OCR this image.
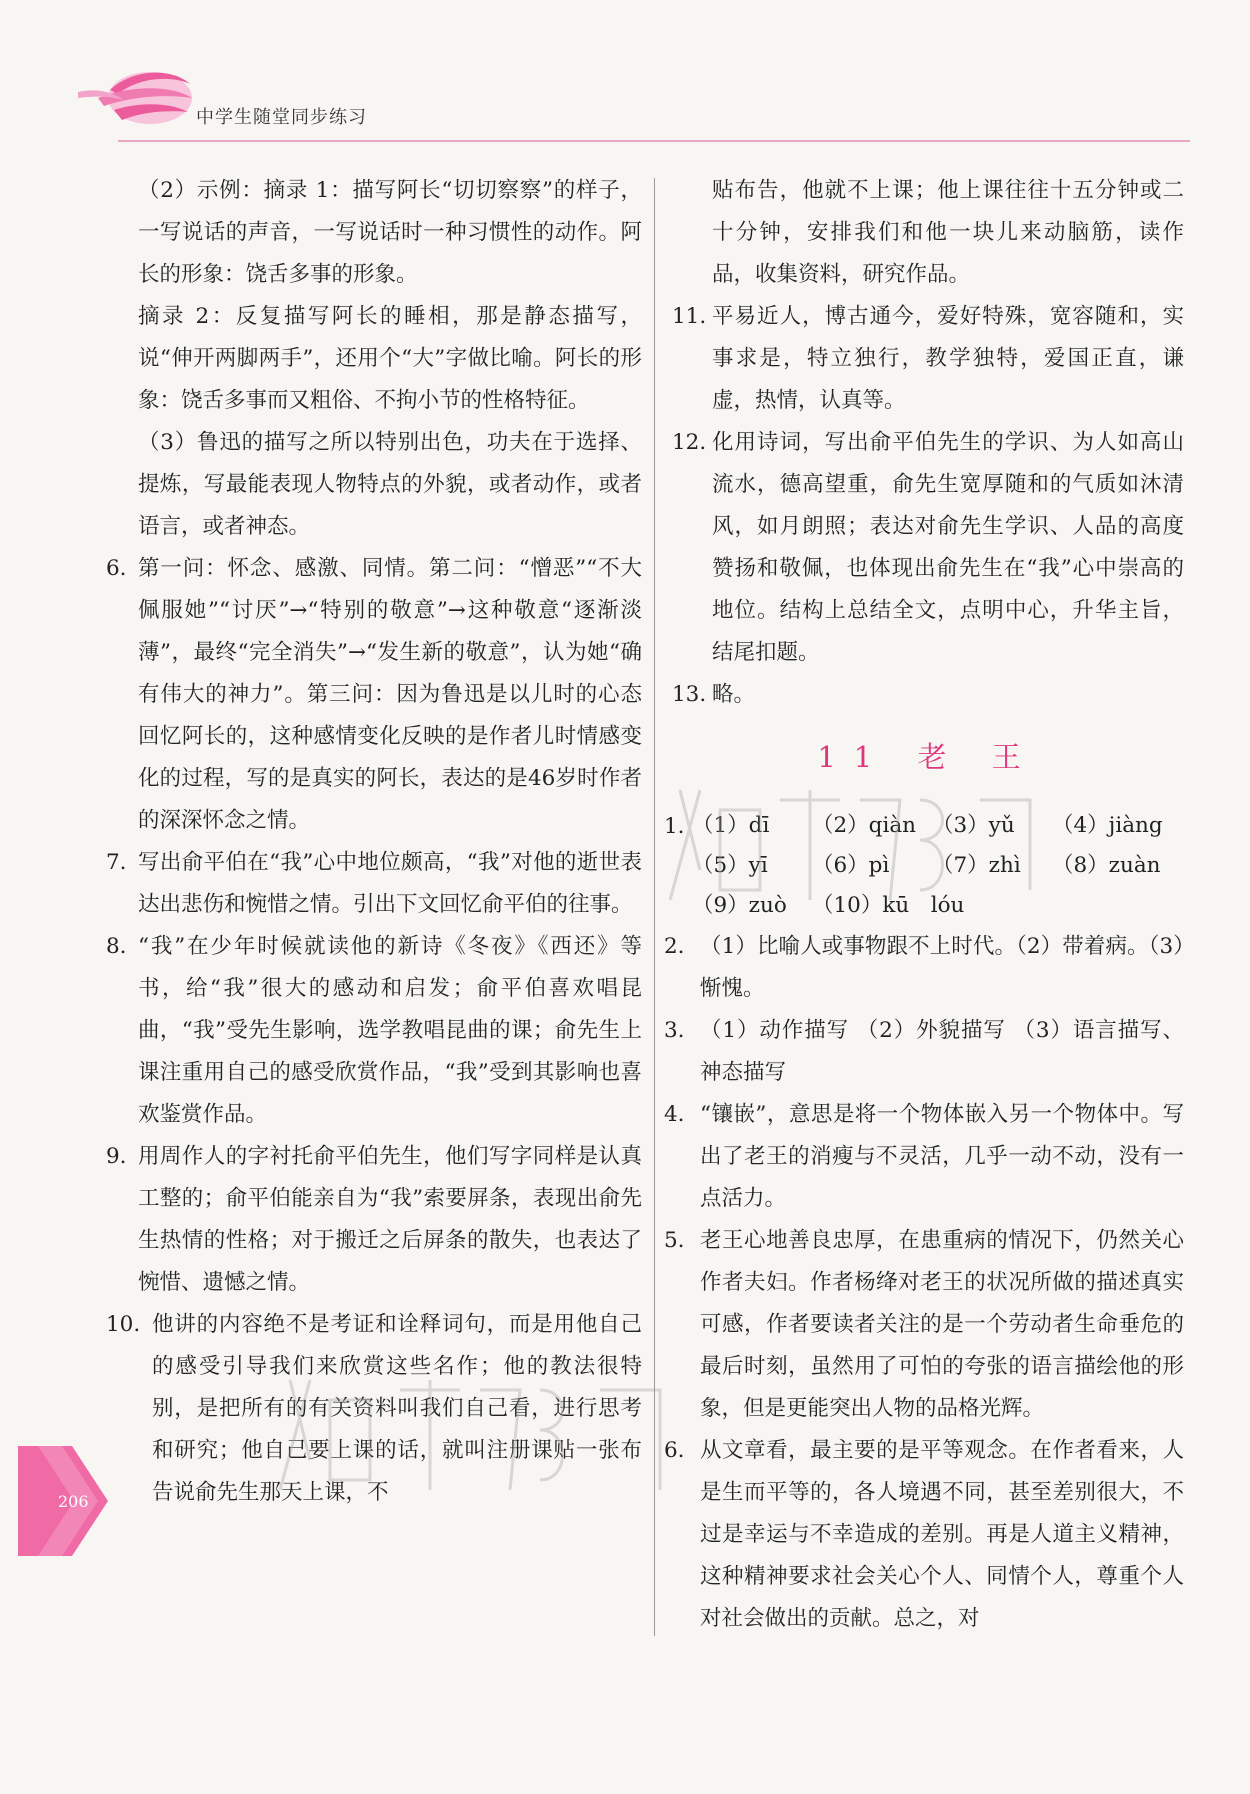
中学生随堂同步练习

（2）示例：摘录 1：描写阿长“切切察察”的样子，一写说话的声音，一写说话时一种习惯性的动作。阿长的形象：饶舌多事的形象。

摘录 2：反复描写阿长的睡相，那是静态描写，说“伸开两脚两手”，还用个“大”字做比喻。阿长的形象：饶舌多事而又粗俗、不拘小节的性格特征。

（3）鲁迅的描写之所以特别出色，功夫在于选择、提炼，写最能表现人物特点的外貌，或者动作，或者语言，或者神态。

6. 第一问：怀念、感激、同情。第二问：“憎恶”“不大佩服她”“讨厌”→“特别的敬意”→这种敬意“逐渐淡薄”，最终“完全消失”→“发生新的敬意”，认为她“确有伟大的神力”。第三问：因为鲁迅是以儿时的心态回忆阿长的，这种感情变化反映的是作者儿时情感变化的过程，写的是真实的阿长，表达的是46岁时作者的深深怀念之情。

7. 写出俞平伯在“我”心中地位颇高，“我”对他的逝世表达出悲伤和惋惜之情。引出下文回忆俞平伯的往事。

8. “我”在少年时候就读他的新诗《冬夜》《西还》等书，给“我”很大的感动和启发；俞平伯喜欢唱昆曲，“我”受先生影响，选学教唱昆曲的课；俞先生上课注重用自己的感受欣赏作品，“我”受到其影响也喜欢鉴赏作品。

9. 用周作人的字衬托俞平伯先生，他们写字同样是认真工整的；俞平伯能亲自为“我”索要屏条，表现出俞先生热情的性格；对于搬迁之后屏条的散失，也表达了惋惜、遗憾之情。

10. 他讲的内容绝不是考证和诠释词句，而是用他自己的感受引导我们来欣赏这些名作；他的教法很特别，是把所有的有关资料叫我们自己看，进行思考和研究；他自己要上课的话，就叫注册课贴一张布告说俞先生那天上课，不

贴布告，他就不上课；他上课往往十五分钟或二十分钟，安排我们和他一块儿来动脑筋，读作品，收集资料，研究作品。

11. 平易近人，博古通今，爱好特殊，宽容随和，实事求是，特立独行，教学独特，爱国正直，谦虚，热情，认真等。

12. 化用诗词，写出俞平伯先生的学识、为人如高山流水，德高望重，俞先生宽厚随和的气质如沐清风，如月朗照；表达对俞先生学识、人品的高度赞扬和敬佩，也体现出俞先生在“我”心中崇高的地位。结构上总结全文，点明中心，升华主旨，结尾扣题。

13. 略。

11 老 王
1. （1）dī	（2）qiàn （3）yǔ	（4）jiàng
（5）yī	（6）pì	（7）zhì	（8）zuàn
（9）zuò	（10）kū　lóu
2. （1）比喻人或事物跟不上时代。（2）带着病。（3）惭愧。

3. （1）动作描写 （2）外貌描写 （3）语言描写、神态描写

4. “镶嵌”，意思是将一个物体嵌入另一个物体中。写出了老王的消瘦与不灵活，几乎一动不动，没有一点活力。

5. 老王心地善良忠厚，在患重病的情况下，仍然关心作者夫妇。作者杨绛对老王的状况所做的描述真实可感，作者要读者关注的是一个劳动者生命垂危的最后时刻，虽然用了可怕的夸张的语言描绘他的形象，但是更能突出人物的品格光辉。

6. 从文章看，最主要的是平等观念。在作者看来，人是生而平等的，各人境遇不同，甚至差别很大，不过是幸运与不幸造成的差别。再是人道主义精神，这种精神要求社会关心个人、同情个人，尊重个人对社会做出的贡献。总之，对

206
